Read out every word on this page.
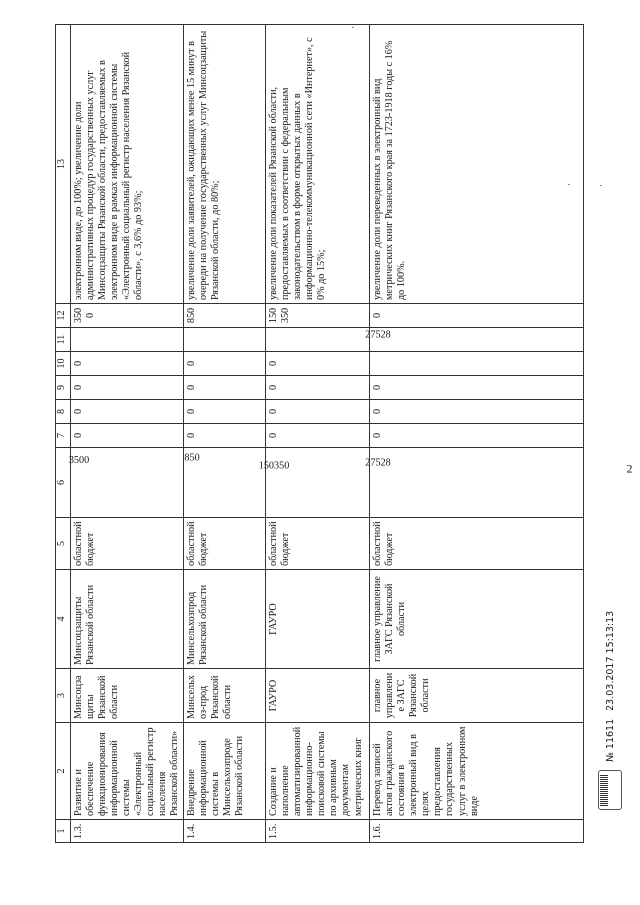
2
1	2	3	4	5	6	7	8	9	10	11	12	13
1.3.	Развитие и обеспечение функционирования информационной системы «Электронный социальный регистр населения Рязанской области»	Минсоцзащиты Рязанской области	Минсоцзащиты Рязанской области	областной бюджет	3500	0	0	0	0		3500	электронном виде, до 100%; увеличение доли административных процедур государственных услуг Минсоцзащиты Рязанской области, предоставляемых в электронном виде в рамках информационной системы «Электронный социальный регистр населения Рязанской области», с 3,6% до 93%;
1.4.	Внедрение информационной системы в Минсельхозпроде Рязанской области	Минсельхоз-прод Рязанской области	Минсельхозпрод Рязанской области	областной бюджет	850	0	0	0	0		850	увеличение доли заявителей, ожидающих менее 15 минут в очереди на получение государственных услуг Минсоцзащиты Рязанской области, до 80%;
1.5.	Создание и наполнение автоматизированной информационно-поисковой системы по архивным документам метрических книг	ГАУРО	ГАУРО	областной бюджет	150350	0	0	0	0		150350	увеличение доли показателей Рязанской области, предоставляемых в соответствии с федеральным законодательством в форме открытых данных в информационно-телекоммуникационной сети «Интернет», с 0% до 15%;
1.6.	Перевод записей актов гражданского состояния в электронный вид в целях предоставления государственных услуг в электронном виде	главное управление ЗАГС Рязанской области	главное управление ЗАГС Рязанской области	областной бюджет	27528	0	0	0		27528	0	увеличение доли переведенных в электронный вид метрических книг Рязанского края за 1723-1918 годы с 16% до 100%.
№ 11611
23.03.2017 15:13:13
